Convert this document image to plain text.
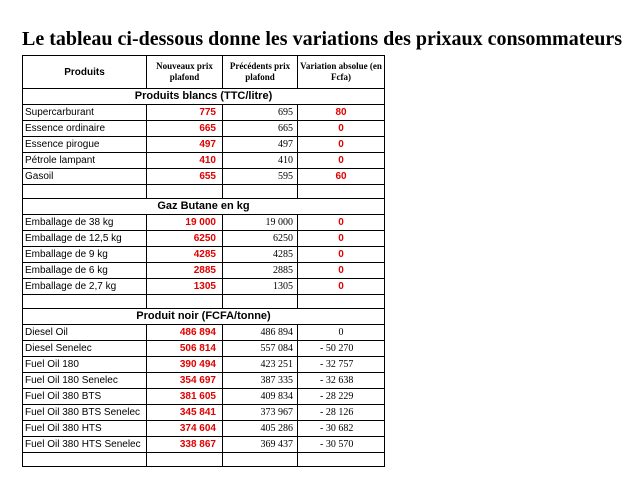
Le tableau ci-dessous donne les variations des prixaux consommateurs
Produits	Nouveaux prix plafond	Précédents prix plafond	Variation absolue (en Fcfa)
Produits blancs (TTC/litre)			
Supercarburant	775	695	80
Essence ordinaire	665	665	0
Essence pirogue	497	497	0
Pétrole lampant	410	410	0
Gasoil	655	595	60

Gaz Butane en kg			
Emballage de 38 kg	19 000	19 000	0
Emballage de 12,5 kg	6250	6250	0
Emballage de 9 kg	4285	4285	0
Emballage de 6 kg	2885	2885	0
Emballage de 2,7 kg	1305	1305	0

Produit noir (FCFA/tonne)			
Diesel Oil	486 894	486 894	0
Diesel Senelec	506 814	557 084	- 50 270
Fuel Oil 180	390 494	423 251	- 32 757
Fuel Oil 180 Senelec	354 697	387 335	- 32 638
Fuel Oil 380 BTS	381 605	409 834	- 28 229
Fuel Oil 380 BTS Senelec	345 841	373 967	- 28 126
Fuel Oil 380 HTS	374 604	405 286	- 30 682
Fuel Oil 380 HTS Senelec	338 867	369 437	- 30 570
